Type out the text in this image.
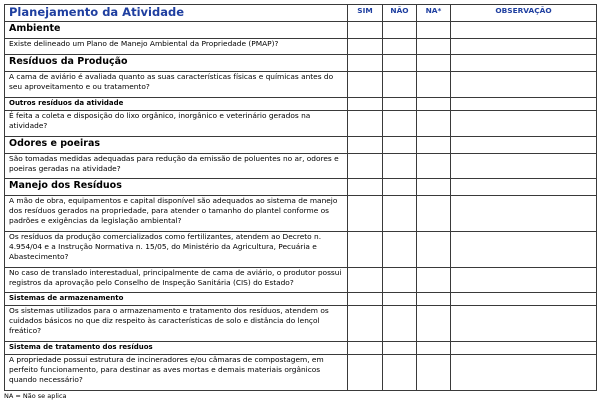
Planejamento da Atividade	SIM	NÃO	NA*	OBSERVAÇÃO
Ambiente				
Existe delineado um Plano de Manejo Ambiental da Propriedade (PMAP)?				
Resíduos da Produção				
A cama de aviário é avaliada quanto as suas características físicas e químicas antes do seu aproveitamento e ou tratamento?				
Outros resíduos da atividade				
É feita a coleta e disposição do lixo orgânico, inorgânico e veterinário gerados na atividade?				
Odores e poeiras				
São tomadas medidas adequadas para redução da emissão de poluentes no ar, odores e poeiras geradas na atividade?				
Manejo dos Resíduos				
A mão de obra, equipamentos e capital disponível são adequados ao sistema de manejo dos resíduos gerados na propriedade, para atender o tamanho do plantel conforme os padrões e exigências da legislação ambiental?				
Os resíduos da produção comercializados como fertilizantes, atendem ao Decreto n. 4.954/04 e a Instrução Normativa n. 15/05, do Ministério da Agricultura, Pecuária e Abastecimento?				
No caso de translado interestadual, principalmente de cama de aviário, o produtor possui registros da aprovação pelo Conselho de Inspeção Sanitária (CIS) do Estado?				
Sistemas de armazenamento				
Os sistemas utilizados para o armazenamento e tratamento dos resíduos, atendem os cuidados básicos no que diz respeito às características de solo e distância do lençol freático?				
Sistema de tratamento dos resíduos				
A propriedade possui estrutura de incineradores e/ou câmaras de compostagem, em perfeito funcionamento, para destinar as aves mortas e demais materiais orgânicos quando necessário?				
NA = Não se aplica
